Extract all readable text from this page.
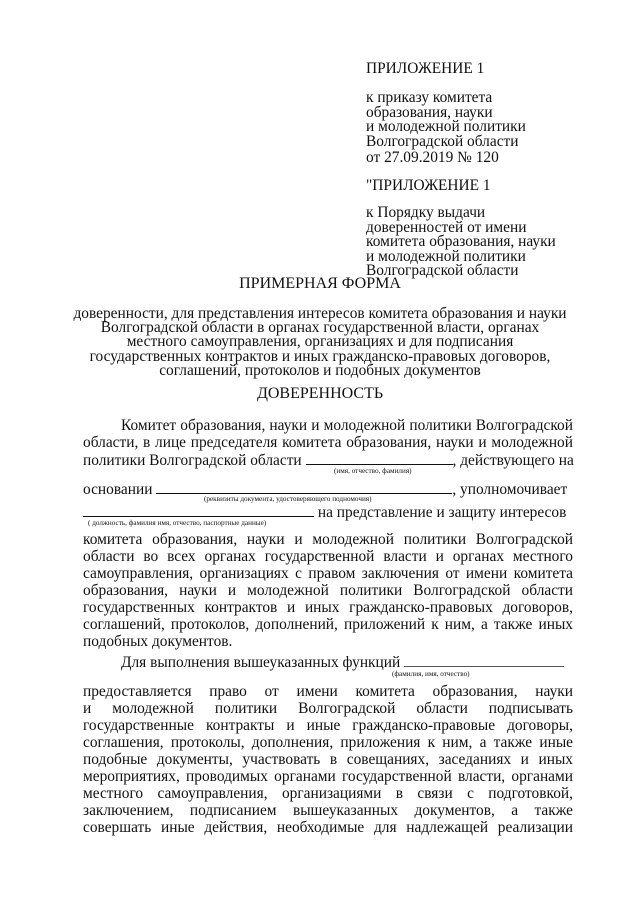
ПРИЛОЖЕНИЕ 1
к приказу комитета
образования, науки
и молодежной политики
Волгоградской области
от 27.09.2019 № 120
"ПРИЛОЖЕНИЕ 1
к Порядку выдачи
доверенностей от имени
комитета образования, науки
и молодежной политики
Волгоградской области
ПРИМЕРНАЯ ФОРМА
доверенности, для представления интересов комитета образования и науки
Волгоградской области в органах государственной власти, органах
местного самоуправления, организациях и для подписания
государственных контрактов и иных гражданско-правовых договоров,
соглашений, протоколов и подобных документов
ДОВЕРЕННОСТЬ
Комитет образования, науки и молодежной политики Волгоградской
области, в лице председателя комитета образования, науки и молодежной
политики Волгоградской области	, действующего на
(имя, отчество, фамилия)
основании	, уполномочивает
(реквизиты документа, удостоверяющего подномочия)
на представление и защиту интересов
( должность, фамилия имя, отчество, паспортные данные)
комитета образования, науки и молодежной политики Волгоградской
области во всех органах государственной власти и органах местного
самоуправления, организациях с правом заключения от имени комитета
образования, науки и молодежной политики Волгоградской области
государственных контрактов и иных гражданско-правовых договоров,
соглашений, протоколов, дополнений, приложений к ним, а также иных
подобных документов.
Для выполнения вышеуказанных функций
(фамилия, имя, отчество)
предоставляется право от имени комитета образования, науки
и молодежной политики Волгоградской области подписывать
государственные контракты и иные гражданско-правовые договоры,
соглашения, протоколы, дополнения, приложения к ним, а также иные
подобные документы, участвовать в совещаниях, заседаниях и иных
мероприятиях, проводимых органами государственной власти, органами
местного самоуправления, организациями в связи с подготовкой,
заключением, подписанием вышеуказанных документов, а также
совершать иные действия, необходимые для надлежащей реализации
